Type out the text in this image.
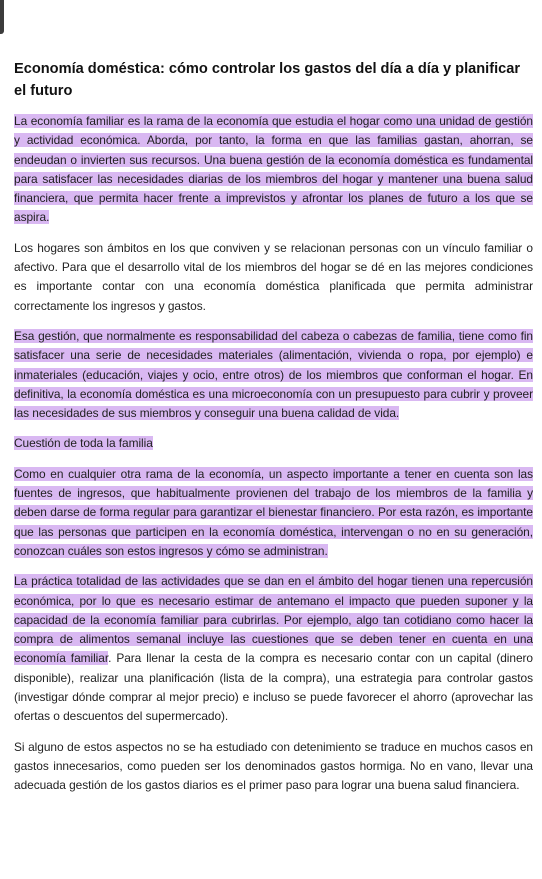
Economía doméstica: cómo controlar los gastos del día a día y planificar el futuro

La economía familiar es la rama de la economía que estudia el hogar como una unidad de gestión y actividad económica. Aborda, por tanto, la forma en que las familias gastan, ahorran, se endeudan o invierten sus recursos. Una buena gestión de la economía doméstica es fundamental para satisfacer las necesidades diarias de los miembros del hogar y mantener una buena salud financiera, que permita hacer frente a imprevistos y afrontar los planes de futuro a los que se aspira.

Los hogares son ámbitos en los que conviven y se relacionan personas con un vínculo familiar o afectivo. Para que el desarrollo vital de los miembros del hogar se dé en las mejores condiciones es importante contar con una economía doméstica planificada que permita administrar correctamente los ingresos y gastos.

Esa gestión, que normalmente es responsabilidad del cabeza o cabezas de familia, tiene como fin satisfacer una serie de necesidades materiales (alimentación, vivienda o ropa, por ejemplo) e inmateriales (educación, viajes y ocio, entre otros) de los miembros que conforman el hogar. En definitiva, la economía doméstica es una microeconomía con un presupuesto para cubrir y proveer las necesidades de sus miembros y conseguir una buena calidad de vida.

Cuestión de toda la familia

Como en cualquier otra rama de la economía, un aspecto importante a tener en cuenta son las fuentes de ingresos, que habitualmente provienen del trabajo de los miembros de la familia y deben darse de forma regular para garantizar el bienestar financiero. Por esta razón, es importante que las personas que participen en la economía doméstica, intervengan o no en su generación, conozcan cuáles son estos ingresos y cómo se administran.

La práctica totalidad de las actividades que se dan en el ámbito del hogar tienen una repercusión económica, por lo que es necesario estimar de antemano el impacto que pueden suponer y la capacidad de la economía familiar para cubrirlas. Por ejemplo, algo tan cotidiano como hacer la compra de alimentos semanal incluye las cuestiones que se deben tener en cuenta en una economía familiar. Para llenar la cesta de la compra es necesario contar con un capital (dinero disponible), realizar una planificación (lista de la compra), una estrategia para controlar gastos (investigar dónde comprar al mejor precio) e incluso se puede favorecer el ahorro (aprovechar las ofertas o descuentos del supermercado).

Si alguno de estos aspectos no se ha estudiado con detenimiento se traduce en muchos casos en gastos innecesarios, como pueden ser los denominados gastos hormiga. No en vano, llevar una adecuada gestión de los gastos diarios es el primer paso para lograr una buena salud financiera.
